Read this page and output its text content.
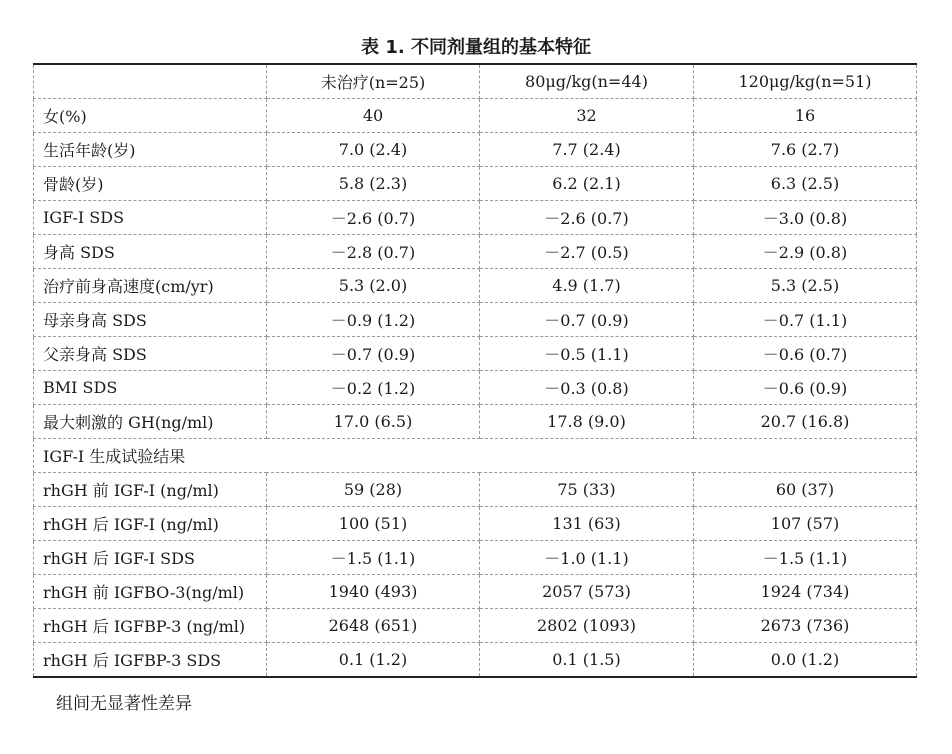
表 1. 不同剂量组的基本特征
	未治疗(n=25)	80μg/kg(n=44)	120μg/kg(n=51)
女(%)	40	32	16
生活年龄(岁)	7.0 (2.4)	7.7 (2.4)	7.6 (2.7)
骨龄(岁)	5.8 (2.3)	6.2 (2.1)	6.3 (2.5)
IGF-I SDS	－2.6 (0.7)	－2.6 (0.7)	－3.0 (0.8)
身高 SDS	－2.8 (0.7)	－2.7 (0.5)	－2.9 (0.8)
治疗前身高速度(cm/yr)	5.3 (2.0)	4.9 (1.7)	5.3 (2.5)
母亲身高 SDS	－0.9 (1.2)	－0.7 (0.9)	－0.7 (1.1)
父亲身高 SDS	－0.7 (0.9)	－0.5 (1.1)	－0.6 (0.7)
BMI SDS	－0.2 (1.2)	－0.3 (0.8)	－0.6 (0.9)
最大刺激的 GH(ng/ml)	17.0 (6.5)	17.8 (9.0)	20.7 (16.8)
IGF-I 生成试验结果			
rhGH 前 IGF-I (ng/ml)	59 (28)	75 (33)	60 (37)
rhGH 后 IGF-I (ng/ml)	100 (51)	131 (63)	107 (57)
rhGH 后 IGF-I SDS	－1.5 (1.1)	－1.0 (1.1)	－1.5 (1.1)
rhGH 前 IGFBO-3(ng/ml)	1940 (493)	2057 (573)	1924 (734)
rhGH 后 IGFBP-3 (ng/ml)	2648 (651)	2802 (1093)	2673 (736)
rhGH 后 IGFBP-3 SDS	0.1 (1.2)	0.1 (1.5)	0.0 (1.2)
组间无显著性差异
